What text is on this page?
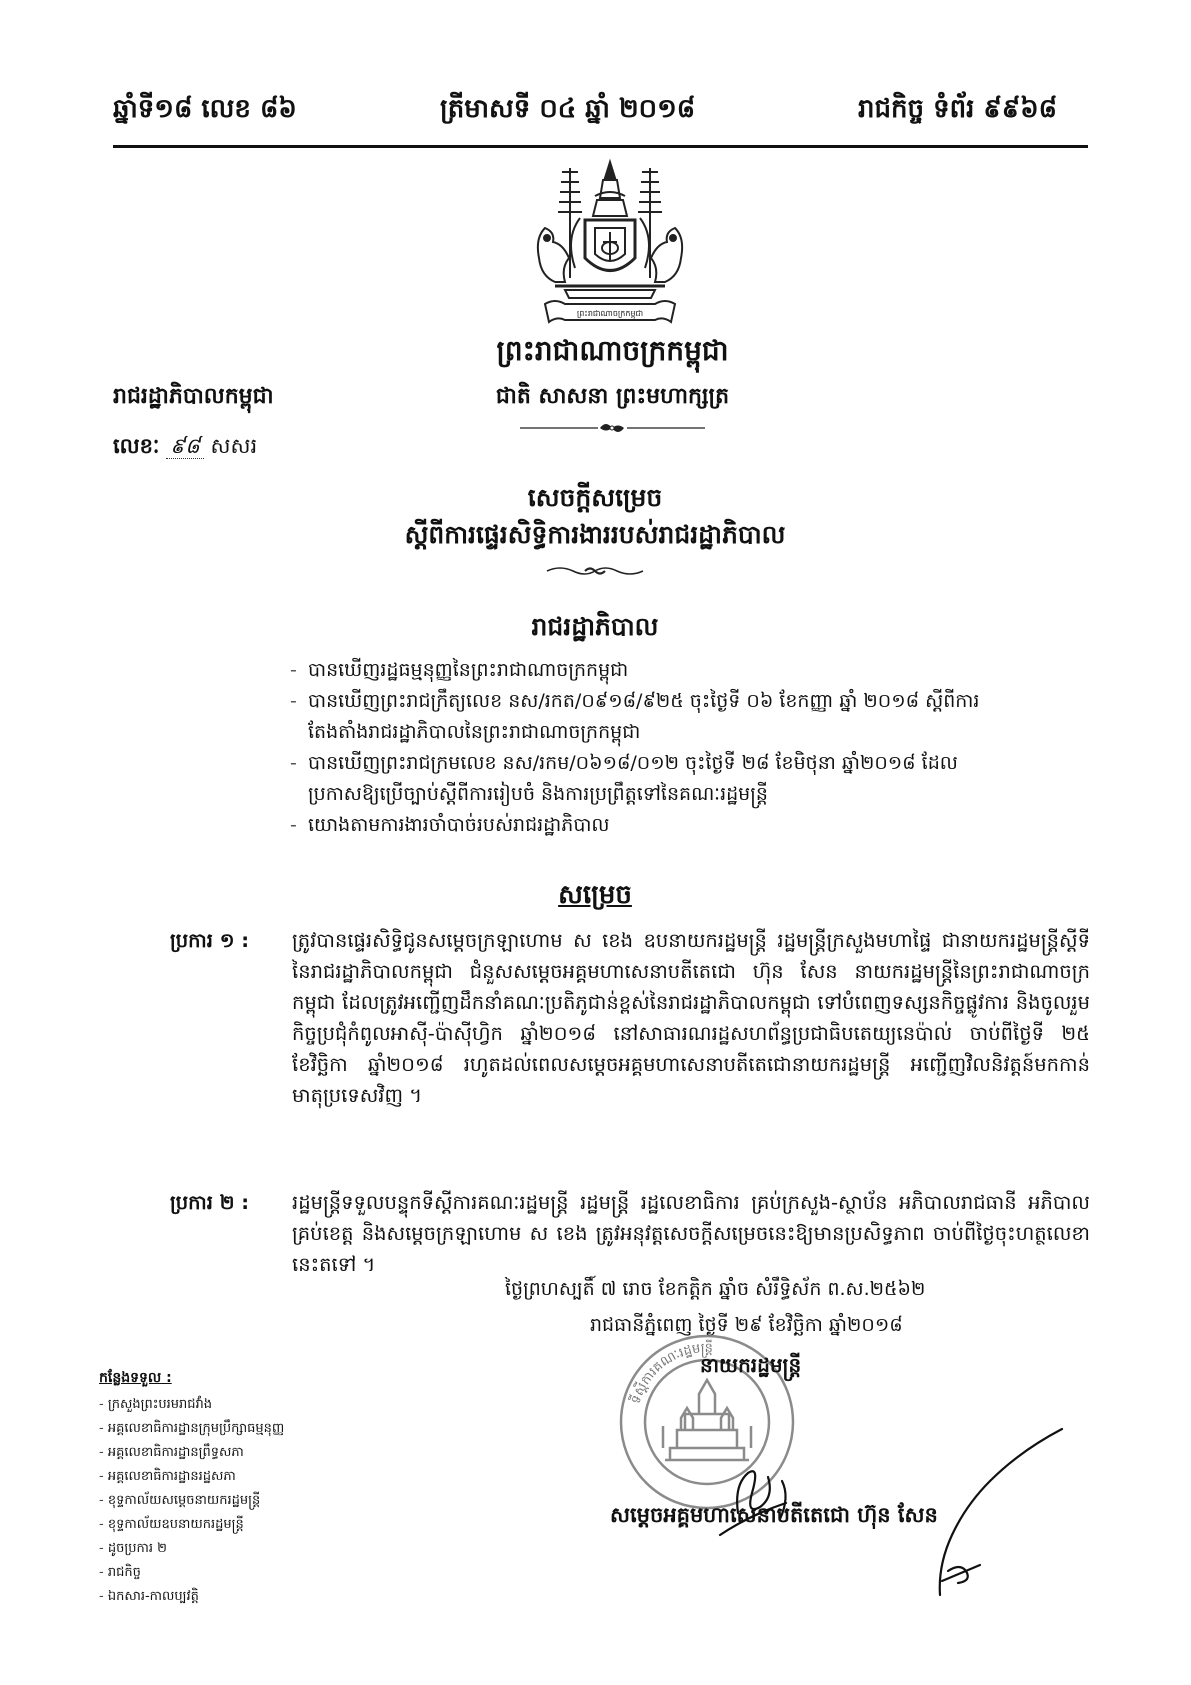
ឆ្នាំទី១៨ លេខ ៨៦	ត្រីមាសទី ០៤ ឆ្នាំ ២០១៨	រាជកិច្ច ទំព័រ ៩៩៦៨
ព្រះរាជាណាចក្រកម្ពុជា
ព្រះរាជាណាចក្រកម្ពុជា
ជាតិ សាសនា ព្រះមហាក្សត្រ
រាជរដ្ឋាភិបាលកម្ពុជា
លេខៈ ៩៨ សសរ
សេចក្តីសម្រេច
ស្តីពីការផ្ទេរសិទ្ធិការងាររបស់រាជរដ្ឋាភិបាល
រាជរដ្ឋាភិបាល
- បានឃើញរដ្ឋធម្មនុញ្ញនៃព្រះរាជាណាចក្រកម្ពុជា
- បានឃើញព្រះរាជក្រឹត្យលេខ នស/រកត/០៩១៨/៩២៥ ចុះថ្ងៃទី ០៦ ខែកញ្ញា ឆ្នាំ ២០១៨ ស្តីពីការតែងតាំងរាជរដ្ឋាភិបាលនៃព្រះរាជាណាចក្រកម្ពុជា
- បានឃើញព្រះរាជក្រមលេខ នស/រកម/០៦១៨/០១២ ចុះថ្ងៃទី ២៨ ខែមិថុនា ឆ្នាំ២០១៨ ដែលប្រកាសឱ្យប្រើច្បាប់ស្តីពីការរៀបចំ និងការប្រព្រឹត្តទៅនៃគណៈរដ្ឋមន្ត្រី
- យោងតាមការងារចាំបាច់របស់រាជរដ្ឋាភិបាល
សម្រេច
ប្រការ ១ : ត្រូវបានផ្ទេរសិទ្ធិជូនសម្តេចក្រឡាហោម ស ខេង ឧបនាយករដ្ឋមន្ត្រី រដ្ឋមន្ត្រីក្រសួងមហាផ្ទៃ ជានាយករដ្ឋមន្ត្រីស្តីទី នៃរាជរដ្ឋាភិបាលកម្ពុជា ជំនួសសម្តេចអគ្គមហាសេនាបតីតេជោ ហ៊ុន សែន នាយករដ្ឋមន្ត្រីនៃព្រះរាជាណាចក្រកម្ពុជា ដែលត្រូវអញ្ជើញដឹកនាំគណៈប្រតិភូជាន់ខ្ពស់នៃរាជរដ្ឋាភិបាលកម្ពុជា ទៅបំពេញទស្សនកិច្ចផ្លូវការ និងចូលរួមកិច្ចប្រជុំកំពូលអាស៊ី-ប៉ាស៊ីហ្វិក ឆ្នាំ២០១៨ នៅសាធារណរដ្ឋសហព័ន្ធប្រជាធិបតេយ្យនេប៉ាល់ ចាប់ពីថ្ងៃទី ២៥ ខែវិច្ឆិកា ឆ្នាំ២០១៨ រហូតដល់ពេលសម្តេចអគ្គមហាសេនាបតីតេជោនាយករដ្ឋមន្ត្រី អញ្ជើញវិលនិវត្តន៍មកកាន់មាតុប្រទេសវិញ ។
ប្រការ ២ : រដ្ឋមន្ត្រីទទួលបន្ទុកទីស្តីការគណៈរដ្ឋមន្ត្រី រដ្ឋមន្ត្រី រដ្ឋលេខាធិការ គ្រប់ក្រសួង-ស្ថាប័ន អភិបាលរាជធានី អភិបាលគ្រប់ខេត្ត និងសម្តេចក្រឡាហោម ស ខេង ត្រូវអនុវត្តសេចក្តីសម្រេចនេះឱ្យមានប្រសិទ្ធភាព ចាប់ពីថ្ងៃចុះហត្ថលេខានេះតទៅ ។
ថ្ងៃព្រហស្បតិ៍ ៧ រោច ខែកត្តិក ឆ្នាំច សំរឹទ្ធិស័ក ព.ស.២៥៦២
រាជធានីភ្នំពេញ ថ្ងៃទី ២៩ ខែវិច្ឆិកា ឆ្នាំ២០១៨
ទីស្តីការគណៈរដ្ឋមន្ត្រី
នាយករដ្ឋមន្ត្រី
សម្តេចអគ្គមហាសេនាបតីតេជោ ហ៊ុន សែន
កន្លែងទទួល :
- ក្រសួងព្រះបរមរាជវាំង
- អគ្គលេខាធិការដ្ឋានក្រុមប្រឹក្សាធម្មនុញ្ញ
- អគ្គលេខាធិការដ្ឋានព្រឹទ្ធសភា
- អគ្គលេខាធិការដ្ឋានរដ្ឋសភា
- ខុទ្ទកាល័យសម្តេចនាយករដ្ឋមន្ត្រី
- ខុទ្ទកាល័យឧបនាយករដ្ឋមន្ត្រី
- ដូចប្រការ ២
- រាជកិច្ច
- ឯកសារ-កាលប្បវត្តិ
